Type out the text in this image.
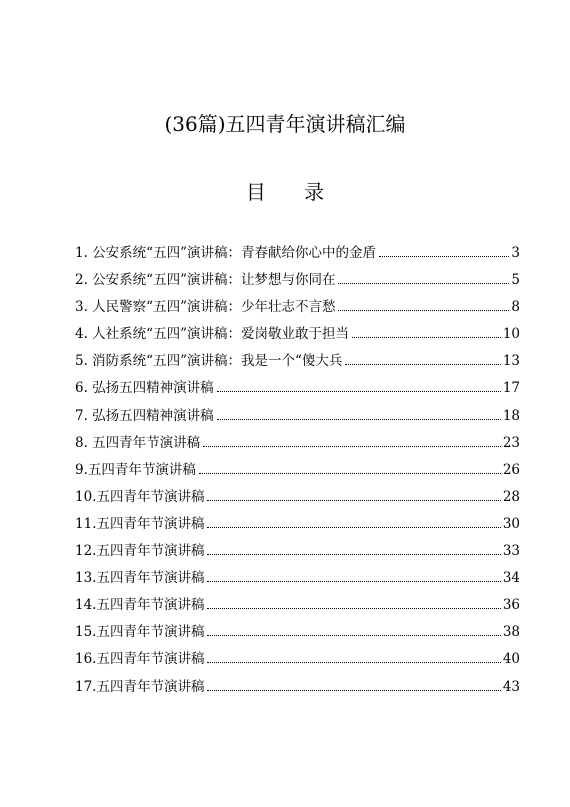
(36篇)五四青年演讲稿汇编
目 录
1. 公安系统“五四”演讲稿：青春献给你心中的金盾	3
2. 公安系统“五四”演讲稿：让梦想与你同在	5
3. 人民警察“五四”演讲稿：少年壮志不言愁	8
4. 人社系统“五四”演讲稿：爱岗敬业敢于担当	10
5. 消防系统“五四”演讲稿：我是一个“傻大兵	13
6. 弘扬五四精神演讲稿	17
7. 弘扬五四精神演讲稿	18
8. 五四青年节演讲稿	23
9.五四青年节演讲稿	26
10.五四青年节演讲稿	28
11.五四青年节演讲稿	30
12.五四青年节演讲稿	33
13.五四青年节演讲稿	34
14.五四青年节演讲稿	36
15.五四青年节演讲稿	38
16.五四青年节演讲稿	40
17.五四青年节演讲稿	43
